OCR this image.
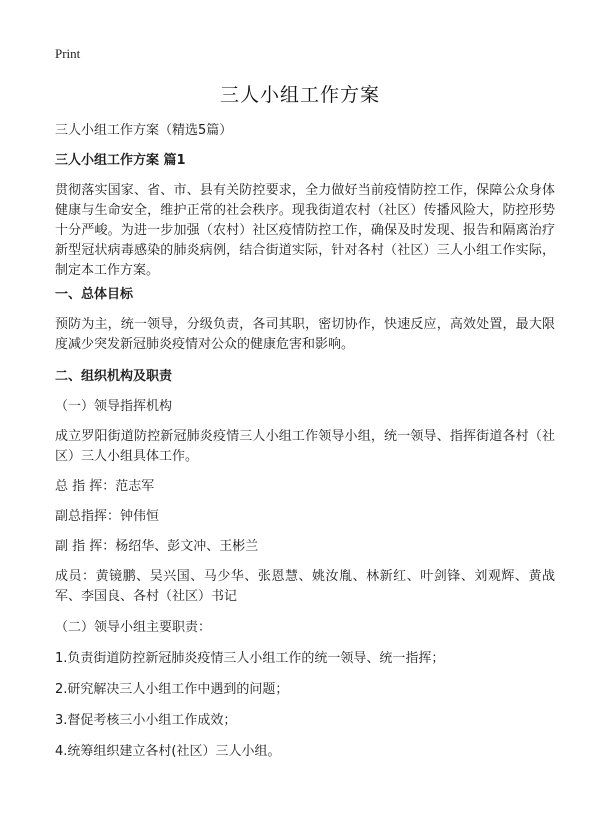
Print
三人小组工作方案
三人小组工作方案（精选5篇）
三人小组工作方案 篇1
贯彻落实国家、省、市、县有关防控要求，全力做好当前疫情防控工作，保障公众身体健康与生命安全，维护正常的社会秩序。现我街道农村（社区）传播风险大，防控形势十分严峻。为进一步加强（农村）社区疫情防控工作，确保及时发现、报告和隔离治疗新型冠状病毒感染的肺炎病例，结合街道实际，针对各村（社区）三人小组工作实际，制定本工作方案。
一、总体目标
预防为主，统一领导，分级负责，各司其职，密切协作，快速反应，高效处置，最大限度减少突发新冠肺炎疫情对公众的健康危害和影响。
二、组织机构及职责
（一）领导指挥机构
成立罗阳街道防控新冠肺炎疫情三人小组工作领导小组，统一领导、指挥街道各村（社区）三人小组具体工作。
总 指 挥：范志军
副总指挥：钟伟恒
副 指 挥：杨绍华、彭文冲、王彬兰
成员：黄镜鹏、吴兴国、马少华、张恩慧、姚汝胤、林新红、叶剑锋、刘观辉、黄战军、李国良、各村（社区）书记
（二）领导小组主要职责：
1.负责街道防控新冠肺炎疫情三人小组工作的统一领导、统一指挥；
2.研究解决三人小组工作中遇到的问题；
3.督促考核三小小组工作成效；
4.统筹组织建立各村(社区）三人小组。
